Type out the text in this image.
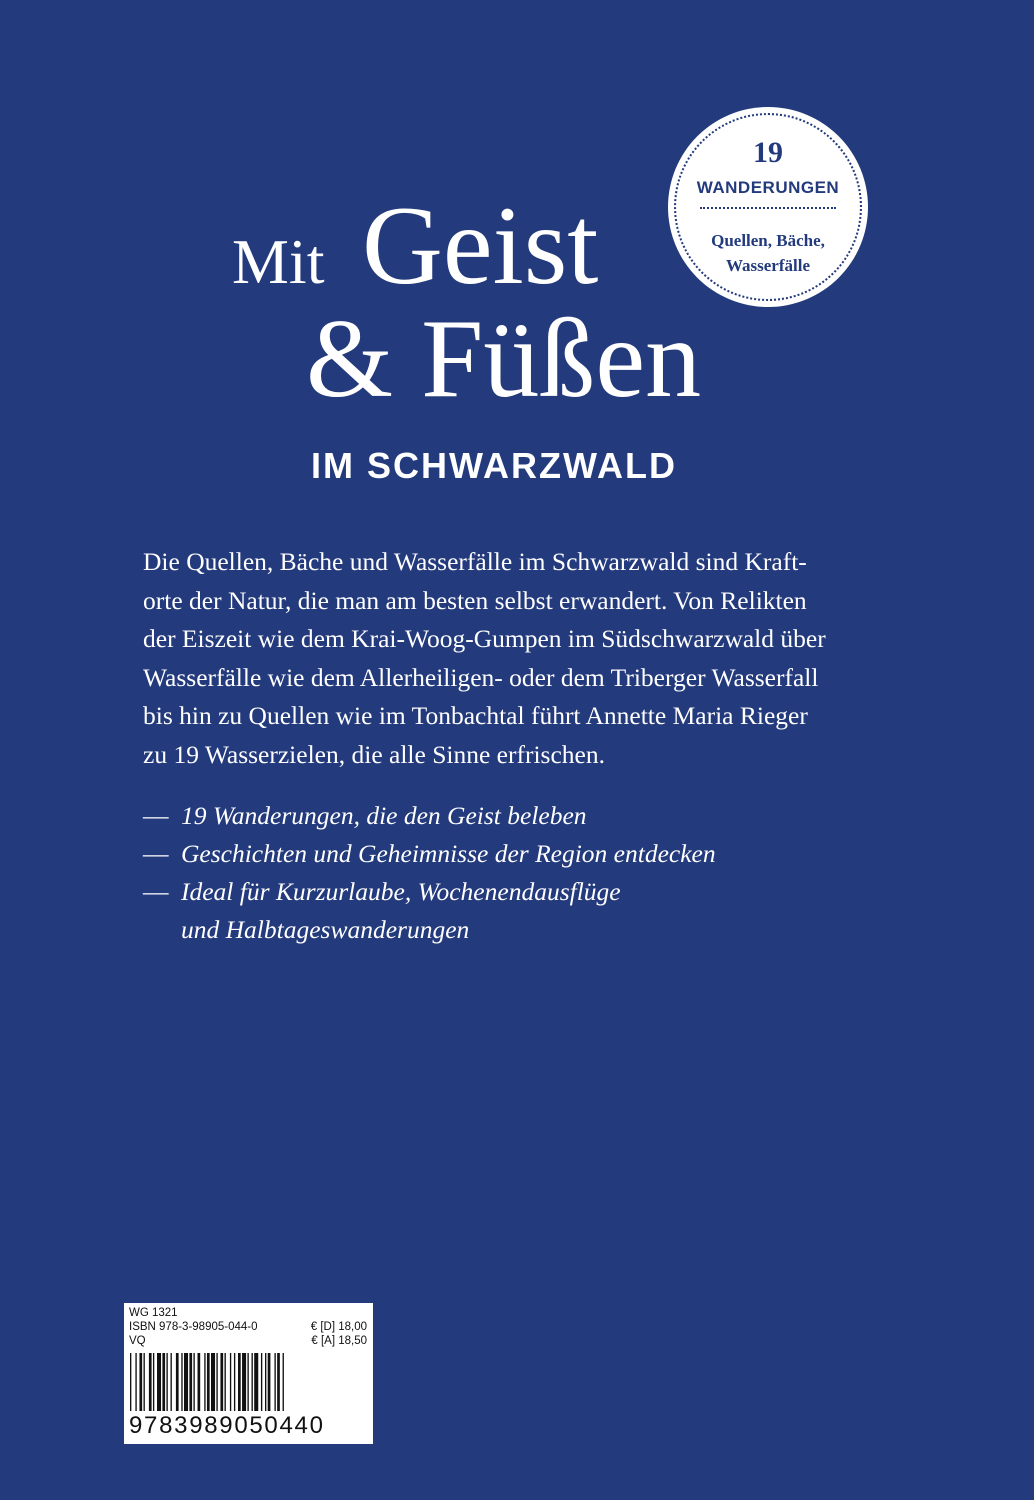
19
WANDERUNGEN
Quellen, Bäche,
Wasserfälle
Mit Geist
& Füßen
IM SCHWARZWALD
Die Quellen, Bäche und Wasserfälle im Schwarzwald sind Kraft-
orte der Natur, die man am besten selbst erwandert. Von Relikten
der Eiszeit wie dem Krai-Woog-Gumpen im Südschwarzwald über
Wasserfälle wie dem Allerheiligen- oder dem Triberger Wasserfall
bis hin zu Quellen wie im Tonbachtal führt Annette Maria Rieger
zu 19 Wasserzielen, die alle Sinne erfrischen.
— 19 Wanderungen, die den Geist beleben
— Geschichten und Geheimnisse der Region entdecken
— Ideal für Kurzurlaube, Wochenendausflüge
und Halbtageswanderungen
WG 1321
ISBN 978-3-98905-044-0	€ [D] 18,00
VQ	€ [A] 18,50
9783989050440
